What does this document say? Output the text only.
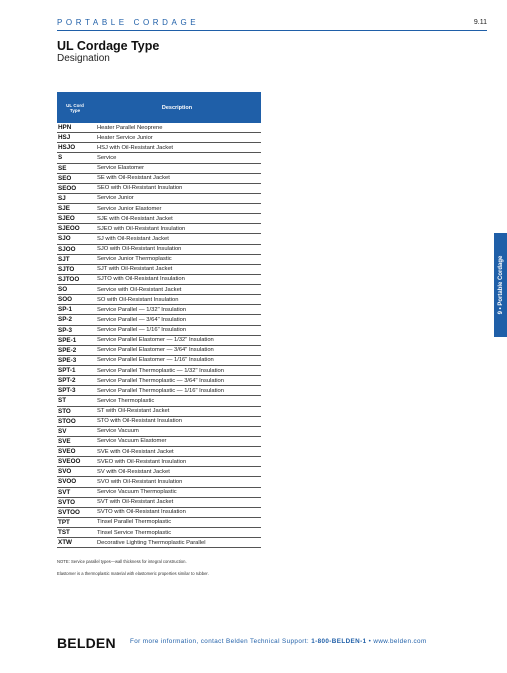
PORTABLE CORDAGE	9.11
UL Cordage Type
Designation
UL Cord Type	Description
HPN	Heater Parallel Neoprene
HSJ	Heater Service Junior
HSJO	HSJ with Oil-Resistant Jacket
S	Service
SE	Service Elastomer
SEO	SE with Oil-Resistant Jacket
SEOO	SEO with Oil-Resistant Insulation
SJ	Service Junior
SJE	Service Junior Elastomer
SJEO	SJE with Oil-Resistant Jacket
SJEOO	SJEO with Oil-Resistant Insulation
SJO	SJ with Oil-Resistant Jacket
SJOO	SJO with Oil-Resistant Insulation
SJT	Service Junior Thermoplastic
SJTO	SJT with Oil-Resistant Jacket
SJTOO	SJTO with Oil-Resistant Insulation
SO	Service with Oil-Resistant Jacket
SOO	SO with Oil-Resistant Insulation
SP-1	Service Parallel — 1/32" Insulation
SP-2	Service Parallel — 3/64" Insulation
SP-3	Service Parallel — 1/16" Insulation
SPE-1	Service Parallel Elastomer — 1/32" Insulation
SPE-2	Service Parallel Elastomer — 3/64" Insulation
SPE-3	Service Parallel Elastomer — 1/16" Insulation
SPT-1	Service Parallel Thermoplastic — 1/32" Insulation
SPT-2	Service Parallel Thermoplastic — 3/64" Insulation
SPT-3	Service Parallel Thermoplastic — 1/16" Insulation
ST	Service Thermoplastic
STO	ST with Oil-Resistant Jacket
STOO	STO with Oil-Resistant Insulation
SV	Service Vacuum
SVE	Service Vacuum Elastomer
SVEO	SVE with Oil-Resistant Jacket
SVEOO	SVEO with Oil-Resistant Insulation
SVO	SV with Oil-Resistant Jacket
SVOO	SVO with Oil-Resistant Insulation
SVT	Service Vacuum Thermoplastic
SVTO	SVT with Oil-Resistant Jacket
SVTOO	SVTO with Oil-Resistant Insulation
TPT	Tinsel Parallel Thermoplastic
TST	Tinsel Service Thermoplastic
XTW	Decorative Lighting Thermoplastic Parallel
NOTE: Service parallel types—wall thickness for integral construction.
Elastomer is a thermoplastic material with elastomeric properties similar to rubber.
9 • Portable Cordage
BELDEN For more information, contact Belden Technical Support: 1-800-BELDEN-1 • www.belden.com
